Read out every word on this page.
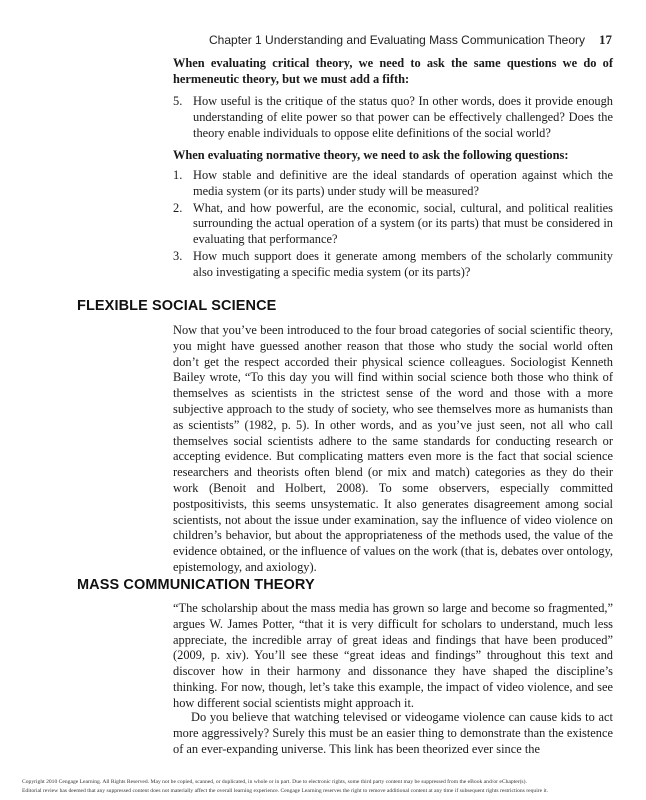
Chapter 1 Understanding and Evaluating Mass Communication Theory 17
When evaluating critical theory, we need to ask the same questions we do of hermeneutic theory, but we must add a fifth:
5. How useful is the critique of the status quo? In other words, does it provide enough understanding of elite power so that power can be effectively challenged? Does the theory enable individuals to oppose elite definitions of the social world?
When evaluating normative theory, we need to ask the following questions:
1. How stable and definitive are the ideal standards of operation against which the media system (or its parts) under study will be measured?
2. What, and how powerful, are the economic, social, cultural, and political realities surrounding the actual operation of a system (or its parts) that must be considered in evaluating that performance?
3. How much support does it generate among members of the scholarly community also investigating a specific media system (or its parts)?
FLEXIBLE SOCIAL SCIENCE

Now that you’ve been introduced to the four broad categories of social scientific theory, you might have guessed another reason that those who study the social world often don’t get the respect accorded their physical science colleagues. Sociologist Kenneth Bailey wrote, “To this day you will find within social science both those who think of themselves as scientists in the strictest sense of the word and those with a more subjective approach to the study of society, who see themselves more as humanists than as scientists” (1982, p. 5). In other words, and as you’ve just seen, not all who call themselves social scientists adhere to the same standards for conducting research or accepting evidence. But complicating matters even more is the fact that social science researchers and theorists often blend (or mix and match) categories as they do their work (Benoit and Holbert, 2008). To some observers, especially committed postpositivists, this seems unsystematic. It also generates disagreement among social scientists, not about the issue under examination, say the influence of video violence on children’s behavior, but about the appropriateness of the methods used, the value of the evidence obtained, or the influence of values on the work (that is, debates over ontology, epistemology, and axiology).

MASS COMMUNICATION THEORY

“The scholarship about the mass media has grown so large and become so fragmented,” argues W. James Potter, “that it is very difficult for scholars to understand, much less appreciate, the incredible array of great ideas and findings that have been produced” (2009, p. xiv). You’ll see these “great ideas and findings” throughout this text and discover how in their harmony and dissonance they have shaped the discipline’s thinking. For now, though, let’s take this example, the impact of video violence, and see how different social scientists might approach it.

Do you believe that watching televised or videogame violence can cause kids to act more aggressively? Surely this must be an easier thing to demonstrate than the existence of an ever-expanding universe. This link has been theorized ever since the

Copyright 2010 Cengage Learning. All Rights Reserved. May not be copied, scanned, or duplicated, in whole or in part. Due to electronic rights, some third party content may be suppressed from the eBook and/or eChapter(s).
Editorial review has deemed that any suppressed content does not materially affect the overall learning experience. Cengage Learning reserves the right to remove additional content at any time if subsequent rights restrictions require it.
